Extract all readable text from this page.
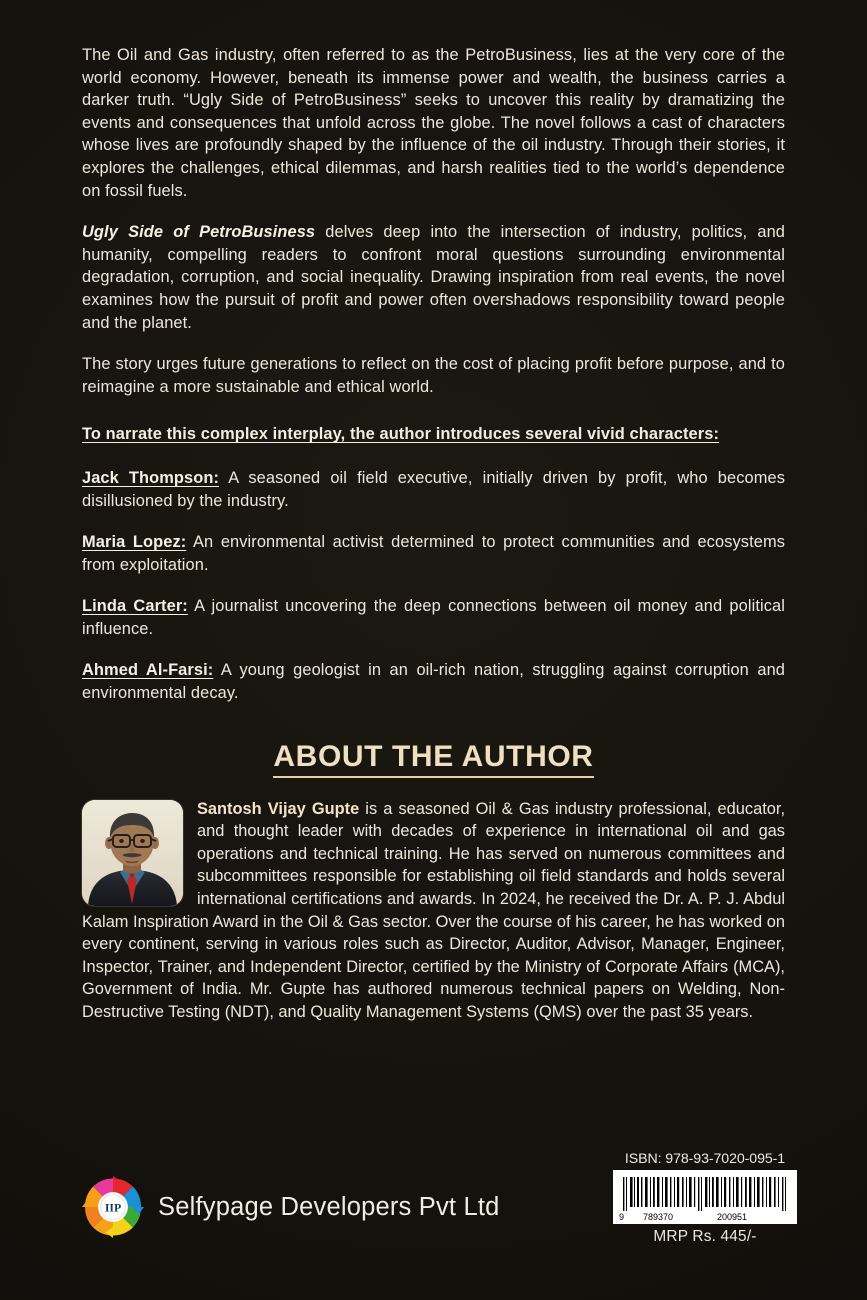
The Oil and Gas industry, often referred to as the PetroBusiness, lies at the very core of the world economy. However, beneath its immense power and wealth, the business carries a darker truth. “Ugly Side of PetroBusiness” seeks to uncover this reality by dramatizing the events and consequences that unfold across the globe. The novel follows a cast of characters whose lives are profoundly shaped by the influence of the oil industry. Through their stories, it explores the challenges, ethical dilemmas, and harsh realities tied to the world’s dependence on fossil fuels.

Ugly Side of PetroBusiness delves deep into the intersection of industry, politics, and humanity, compelling readers to confront moral questions surrounding environmental degradation, corruption, and social inequality. Drawing inspiration from real events, the novel examines how the pursuit of profit and power often overshadows responsibility toward people and the planet.

The story urges future generations to reflect on the cost of placing profit before purpose, and to reimagine a more sustainable and ethical world.

To narrate this complex interplay, the author introduces several vivid characters:

Jack Thompson: A seasoned oil field executive, initially driven by profit, who becomes disillusioned by the industry.

Maria Lopez: An environmental activist determined to protect communities and ecosystems from exploitation.

Linda Carter: A journalist uncovering the deep connections between oil money and political influence.

Ahmed Al-Farsi: A young geologist in an oil-rich nation, struggling against corruption and environmental decay.

ABOUT THE AUTHOR
Santosh Vijay Gupte is a seasoned Oil & Gas industry professional, educator, and thought leader with decades of experience in international oil and gas operations and technical training. He has served on numerous committees and subcommittees responsible for establishing oil field standards and holds several international certifications and awards. In 2024, he received the Dr. A. P. J. Abdul Kalam Inspiration Award in the Oil & Gas sector. Over the course of his career, he has worked on every continent, serving in various roles such as Director, Auditor, Advisor, Manager, Engineer, Inspector, Trainer, and Independent Director, certified by the Ministry of Corporate Affairs (MCA), Government of India. Mr. Gupte has authored numerous technical papers on Welding, Non-Destructive Testing (NDT), and Quality Management Systems (QMS) over the past 35 years.
IIP Selfypage Developers Pvt Ltd
ISBN: 978-93-7020-095-1
9 789370	200951
MRP Rs. 445/-
